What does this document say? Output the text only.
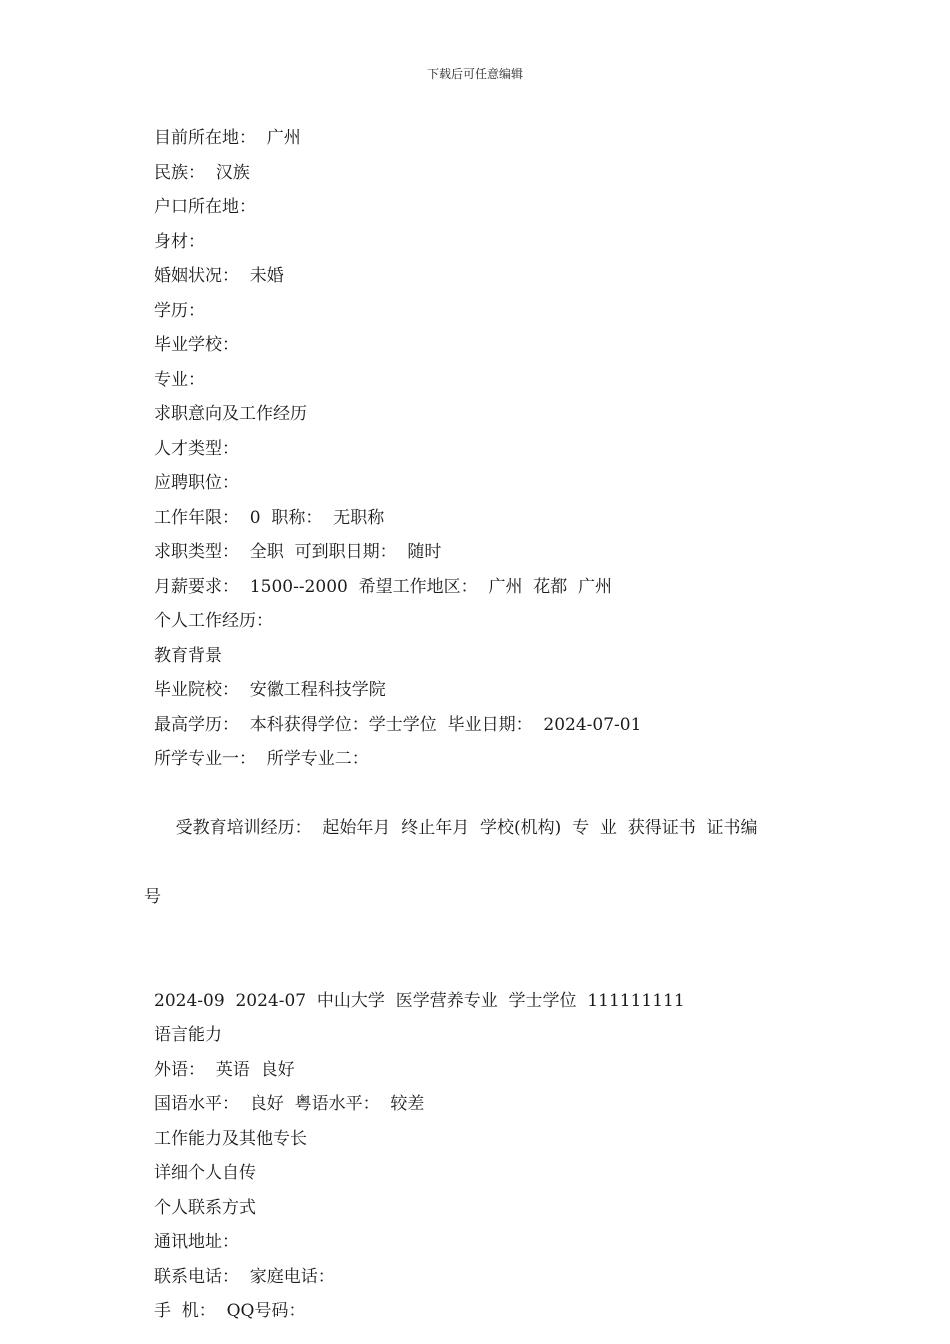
下载后可任意编辑
目前所在地：  广州
民族：  汉族
户口所在地：
身材：
婚姻状况：  未婚
学历：
毕业学校：
专业：
求职意向及工作经历
人才类型：
应聘职位：
工作年限：  0  职称：  无职称
求职类型：  全职  可到职日期：  随时
月薪要求：  1500--2000  希望工作地区：  广州  花都  广州
个人工作经历：
教育背景
毕业院校：  安徽工程科技学院
最高学历：  本科获得学位：学士学位  毕业日期：  2024-07-01
所学专业一：  所学专业二：

受教育培训经历：  起始年月  终止年月  学校(机构)  专  业  获得证书  证书编

号

2024-09  2024-07  中山大学  医学营养专业  学士学位  111111111
语言能力
外语：  英语  良好
国语水平：  良好  粤语水平：  较差
工作能力及其他专长
详细个人自传
个人联系方式
通讯地址：
联系电话：  家庭电话：
手  机：  QQ号码：
